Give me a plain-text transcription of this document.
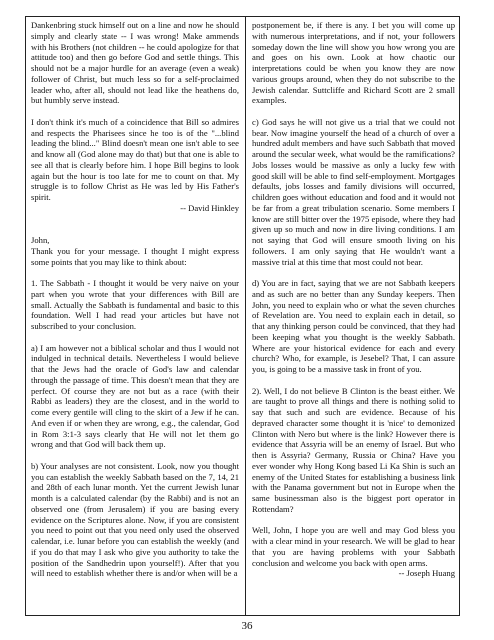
Dankenbring stuck himself out on a line and now he should simply and clearly state -- I was wrong! Make ammends with his Brothers (not children -- he could apologize for that attitude too) and then go before God and settle things. This should not be a major hurdle for an average (even a weak) follower of Christ, but much less so for a self-proclaimed leader who, after all, should not lead like the heathens do, but humbly serve instead.

I don't think it's much of a coincidence that Bill so admires and respects the Pharisees since he too is of the "...blind leading the blind..." Blind doesn't mean one isn't able to see and know all (God alone may do that) but that one is able to see all that is clearly before him. I hope Bill begins to look again but the hour is too late for me to count on that. My struggle is to follow Christ as He was led by His Father's spirit.

-- David Hinkley

John,
Thank you for your message. I thought I might express some points that you may like to think about:

1. The Sabbath - I thought it would be very naive on your part when you wrote that your differences with Bill are small. Actually the Sabbath is fundamental and basic to this foundation. Well I had read your articles but have not subscribed to your conclusion.

a) I am however not a biblical scholar and thus I would not indulged in technical details. Nevertheless I would believe that the Jews had the oracle of God's law and calendar through the passage of time. This doesn't mean that they are perfect. Of course they are not but as a race (with their Rabbi as leaders) they are the closest, and in the world to come every gentile will cling to the skirt of a Jew if he can. And even if or when they are wrong, e.g., the calendar, God in Rom 3:1-3 says clearly that He will not let them go wrong and that God will back them up.

b) Your analyses are not consistent. Look, now you thought you can establish the weekly Sabbath based on the 7, 14, 21 and 28th of each lunar month. Yet the current Jewish lunar month is a calculated calendar (by the Rabbi) and is not an observed one (from Jerusalem) if you are basing every evidence on the Scriptures alone. Now, if you are consistent you need to point out that you need only used the observed calendar, i.e. lunar before you can establish the weekly (and if you do that may I ask who give you authority to take the position of the Sandhedrin upon yourself!). After that you will need to establish whether there is and/or when will be a

postponement be, if there is any. I bet you will come up with numerous interpretations, and if not, your followers someday down the line will show you how wrong you are and goes on his own. Look at how chaotic our interpretations could be when you know they are now various groups around, when they do not subscribe to the Jewish calendar. Suttcliffe and Richard Scott are 2 small examples.

c) God says he will not give us a trial that we could not bear. Now imagine yourself the head of a church of over a hundred adult members and have such Sabbath that moved around the secular week, what would be the ramifications? Jobs losses would be massive as only a lucky few with good skill will be able to find self-employment. Mortgages defaults, jobs losses and family divisions will occurred, children goes without education and food and it would not be far from a great tribulation scenario. Some members I know are still bitter over the 1975 episode, where they had given up so much and now in dire living conditions. I am not saying that God will ensure smooth living on his followers. I am only saying that He wouldn't want a massive trial at this time that most could not bear.

d) You are in fact, saying that we are not Sabbath keepers and as such are no better than any Sunday keepers. Then John, you need to explain who or what the seven churches of Revelation are. You need to explain each in detail, so that any thinking person could be convinced, that they had been keeping what you thought is the weekly Sabbath. Where are your historical evidence for each and every church? Who, for example, is Jesebel? That, I can assure you, is going to be a massive task in front of you.

2). Well, I do not believe B Clinton is the beast either. We are taught to prove all things and there is nothing solid to say that such and such are evidence. Because of his depraved character some thought it is 'nice' to demonized Clinton with Nero but where is the link? However there is evidence that Assyria will be an enemy of Israel. But who then is Assyria? Germany, Russia or China? Have you ever wonder why Hong Kong based Li Ka Shin is such an enemy of the United States for establishing a business link with the Panama government but not in Europe when the same businessman also is the biggest port operator in Rottendam?

Well, John, I hope you are well and may God bless you with a clear mind in your research. We will be glad to hear that you are having problems with your Sabbath conclusion and welcome you back with open arms.

-- Joseph Huang

36
